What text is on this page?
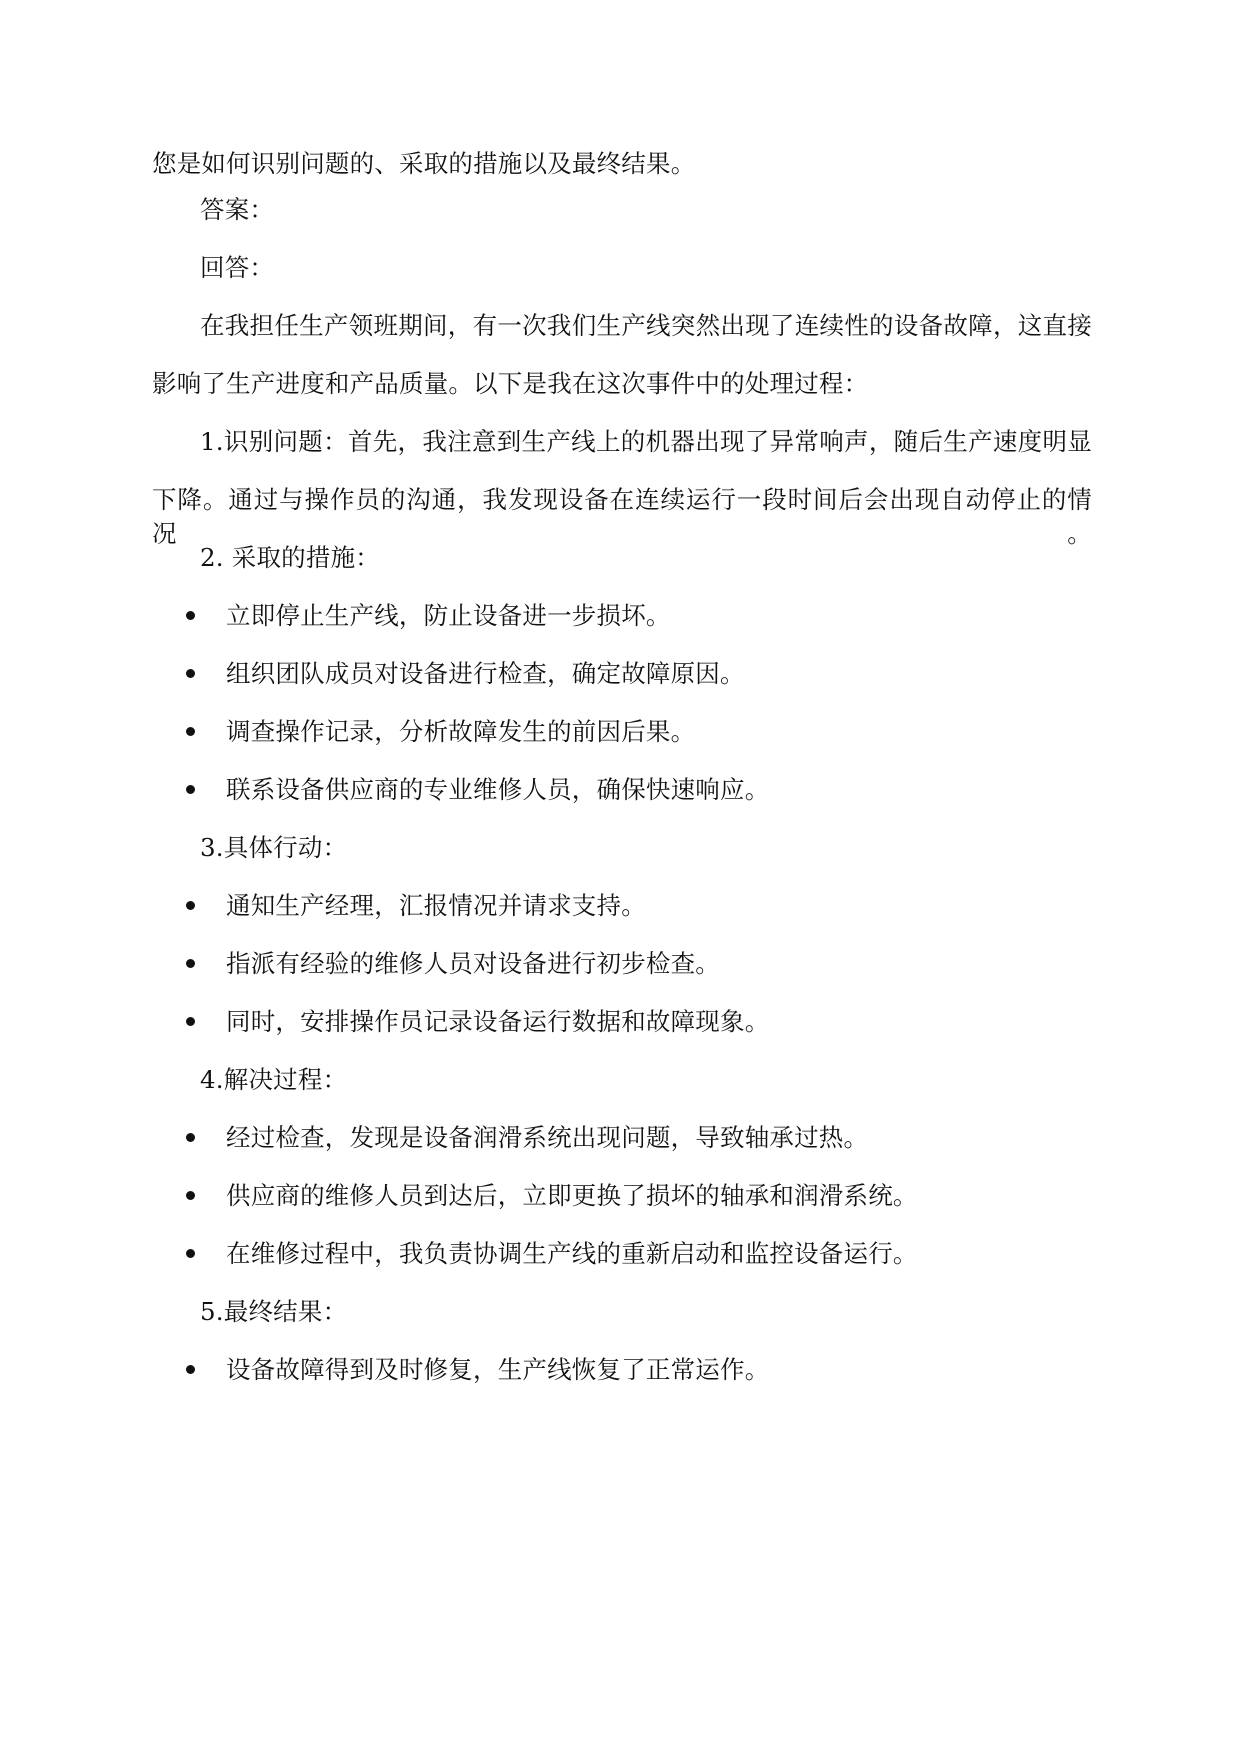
您是如何识别问题的、采取的措施以及最终结果。
答案：
回答：
在我担任生产领班期间，有一次我们生产线突然出现了连续性的设备故障，这直接
影响了生产进度和产品质量。以下是我在这次事件中的处理过程：
1.识别问题：首先，我注意到生产线上的机器出现了异常响声，随后生产速度明显
下降。通过与操作员的沟通，我发现设备在连续运行一段时间后会出现自动停止的情况。
2. 采取的措施：
立即停止生产线，防止设备进一步损坏。
组织团队成员对设备进行检查，确定故障原因。
调查操作记录，分析故障发生的前因后果。
联系设备供应商的专业维修人员，确保快速响应。
3.具体行动：
通知生产经理，汇报情况并请求支持。
指派有经验的维修人员对设备进行初步检查。
同时，安排操作员记录设备运行数据和故障现象。
4.解决过程：
经过检查，发现是设备润滑系统出现问题，导致轴承过热。
供应商的维修人员到达后，立即更换了损坏的轴承和润滑系统。
在维修过程中，我负责协调生产线的重新启动和监控设备运行。
5.最终结果：
设备故障得到及时修复，生产线恢复了正常运作。
